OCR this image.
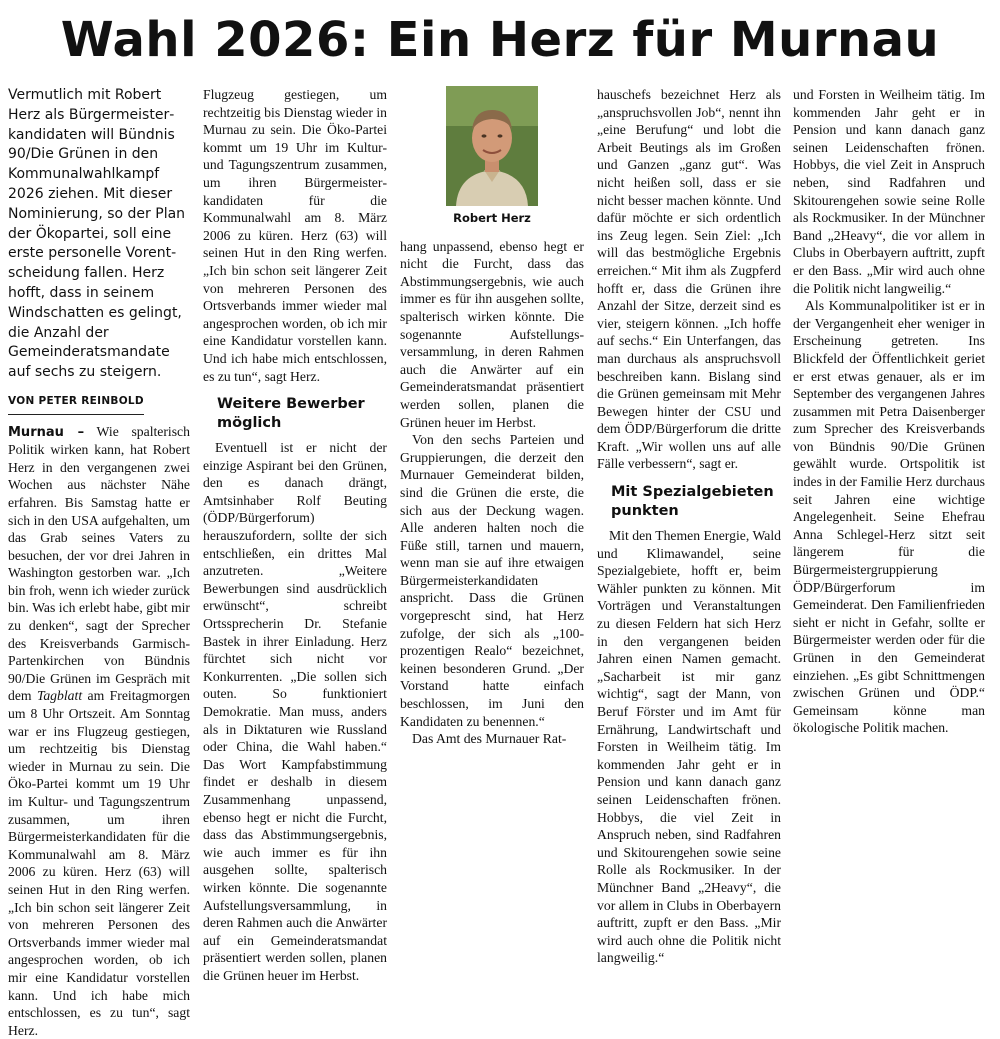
Wahl 2026: Ein Herz für Murnau
Vermutlich mit Robert Herz als Bürgermeisterkandidaten will Bündnis 90/Die Grünen in den Kommunalwahlkampf 2026 ziehen. Mit dieser Nominierung, so der Plan der Ökopartei, soll eine erste personelle Vorentscheidung fallen. Herz hofft, dass in seinem Windschatten es gelingt, die Anzahl der Gemeinderatsmandate auf sechs zu steigern.
VON PETER REINBOLD

Murnau – Wie spalterisch Politik wirken kann, hat Robert Herz in den vergangenen zwei Wochen aus nächster Nähe erfahren. Bis Samstag hatte er sich in den USA aufgehalten, um das Grab seines Vaters zu besuchen, der vor drei Jahren in Washington gestorben war. „Ich bin froh, wenn ich wieder zurück bin. Was ich erlebt habe, gibt mir zu denken“, sagt der Sprecher des Kreisverbands Garmisch-Partenkirchen von Bündnis 90/Die Grünen im Gespräch mit dem Tagblatt am Freitagmorgen um 8 Uhr Ortszeit. Am Sonntag war er ins Flugzeug gestiegen, um rechtzeitig bis Dienstag wieder in Murnau zu sein. Die Öko-Partei kommt um 19 Uhr im Kultur- und Tagungszentrum zusammen, um ihren Bürgermeisterkandidaten für die Kommunalwahl am 8. März 2006 zu küren. Herz (63) will seinen Hut in den Ring werfen. „Ich bin schon seit längerer Zeit von mehreren Personen des Ortsverbands immer wieder mal angesprochen worden, ob ich mir eine Kandidatur vorstellen kann. Und ich habe mich entschlossen, es zu tun“, sagt Herz.

Flugzeug gestiegen, um rechtzeitig bis Dienstag wieder in Murnau zu sein. Die Öko-Partei kommt um 19 Uhr im Kultur- und Tagungszentrum zusammen, um ihren Bürgermeisterkandidaten für die Kommunalwahl am 8. März 2006 zu küren. Herz (63) will seinen Hut in den Ring werfen. „Ich bin schon seit längerer Zeit von mehreren Personen des Ortsverbands immer wieder mal angesprochen worden, ob ich mir eine Kandidatur vorstellen kann. Und ich habe mich entschlossen, es zu tun“, sagt Herz.

Weitere Bewerber möglich

Eventuell ist er nicht der einzige Aspirant bei den Grünen, den es danach drängt, Amtsinhaber Rolf Beuting (ÖDP/Bürgerforum) herauszufordern, sollte der sich entschließen, ein drittes Mal anzutreten. „Weitere Bewerbungen sind ausdrücklich erwünscht“, schreibt Ortssprecherin Dr. Stefanie Bastek in ihrer Einladung. Herz fürchtet sich nicht vor Konkurrenten. „Die sollen sich outen. So funktioniert Demokratie. Man muss, anders als in Diktaturen wie Russland oder China, die Wahl haben.“ Das Wort Kampfabstimmung findet er deshalb in diesem Zusammenhang unpassend, ebenso hegt er nicht die Furcht, dass das Abstimmungsergebnis, wie auch immer es für ihn ausgehen sollte, spalterisch wirken könnte. Die sogenannte Aufstellungsversammlung, in deren Rahmen auch die Anwärter auf ein Gemeinderatsmandat präsentiert werden sollen, planen die Grünen heuer im Herbst.

Robert Herz

hang unpassend, ebenso hegt er nicht die Furcht, dass das Abstimmungsergebnis, wie auch immer es für ihn ausgehen sollte, spalterisch wirken könnte. Die sogenannte Aufstellungsversammlung, in deren Rahmen auch die Anwärter auf ein Gemeinderatsmandat präsentiert werden sollen, planen die Grünen heuer im Herbst.

Von den sechs Parteien und Gruppierungen, die derzeit den Murnauer Gemeinderat bilden, sind die Grünen die erste, die sich aus der Deckung wagen. Alle anderen halten noch die Füße still, tarnen und mauern, wenn man sie auf ihre etwaigen Bürgermeisterkandidaten anspricht. Dass die Grünen vorgeprescht sind, hat Herz zufolge, der sich als „100-prozentigen Realo“ bezeichnet, keinen besonderen Grund. „Der Vorstand hatte einfach beschlossen, im Juni den Kandidaten zu benennen.“

Das Amt des Murnauer Rat-

hauschefs bezeichnet Herz als „anspruchsvollen Job“, nennt ihn „eine Berufung“ und lobt die Arbeit Beutings als im Großen und Ganzen „ganz gut“. Was nicht heißen soll, dass er sie nicht besser machen könnte. Und dafür möchte er sich ordentlich ins Zeug legen. Sein Ziel: „Ich will das bestmögliche Ergebnis erreichen.“ Mit ihm als Zugpferd hofft er, dass die Grünen ihre Anzahl der Sitze, derzeit sind es vier, steigern können. „Ich hoffe auf sechs.“ Ein Unterfangen, das man durchaus als anspruchsvoll beschreiben kann. Bislang sind die Grünen gemeinsam mit Mehr Bewegen hinter der CSU und dem ÖDP/Bürgerforum die dritte Kraft. „Wir wollen uns auf alle Fälle verbessern“, sagt er.

Mit Spezialgebieten punkten

Mit den Themen Energie, Wald und Klimawandel, seine Spezialgebiete, hofft er, beim Wähler punkten zu können. Mit Vorträgen und Veranstaltungen zu diesen Feldern hat sich Herz in den vergangenen beiden Jahren einen Namen gemacht. „Sacharbeit ist mir ganz wichtig“, sagt der Mann, von Beruf Förster und im Amt für Ernährung, Landwirtschaft und Forsten in Weilheim tätig. Im kommenden Jahr geht er in Pension und kann danach ganz seinen Leidenschaften frönen. Hobbys, die viel Zeit in Anspruch neben, sind Radfahren und Skitourengehen sowie seine Rolle als Rockmusiker. In der Münchner Band „2Heavy“, die vor allem in Clubs in Oberbayern auftritt, zupft er den Bass. „Mir wird auch ohne die Politik nicht langweilig.“

und Forsten in Weilheim tätig. Im kommenden Jahr geht er in Pension und kann danach ganz seinen Leidenschaften frönen. Hobbys, die viel Zeit in Anspruch neben, sind Radfahren und Skitourengehen sowie seine Rolle als Rockmusiker. In der Münchner Band „2Heavy“, die vor allem in Clubs in Oberbayern auftritt, zupft er den Bass. „Mir wird auch ohne die Politik nicht langweilig.“

Als Kommunalpolitiker ist er in der Vergangenheit eher weniger in Erscheinung getreten. Ins Blickfeld der Öffentlichkeit geriet er erst etwas genauer, als er im September des vergangenen Jahres zusammen mit Petra Daisenberger zum Sprecher des Kreisverbands von Bündnis 90/Die Grünen gewählt wurde. Ortspolitik ist indes in der Familie Herz durchaus seit Jahren eine wichtige Angelegenheit. Seine Ehefrau Anna Schlegel-Herz sitzt seit längerem für die Bürgermeistergruppierung ÖDP/Bürgerforum im Gemeinderat. Den Familienfrieden sieht er nicht in Gefahr, sollte er Bürgermeister werden oder für die Grünen in den Gemeinderat einziehen. „Es gibt Schnittmengen zwischen Grünen und ÖDP.“ Gemeinsam könne man ökologische Politik machen.
